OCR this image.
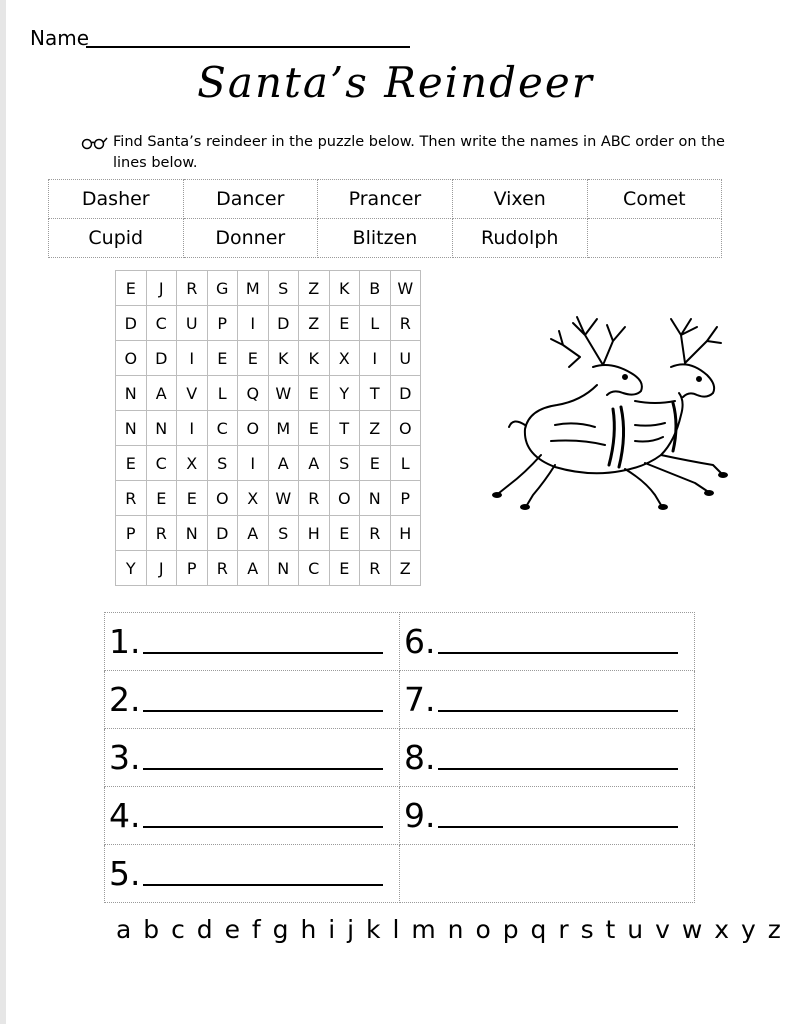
Name
Santa’s Reindeer
Find Santa’s reindeer in the puzzle below. Then write the names in ABC order on the lines below.
Dasher	Dancer	Prancer	Vixen	Comet
Cupid	Donner	Blitzen	Rudolph	
E	J	R	G	M	S	Z	K	B	W
D	C	U	P	I	D	Z	E	L	R
O	D	I	E	E	K	K	X	I	U
N	A	V	L	Q	W	E	Y	T	D
N	N	I	C	O	M	E	T	Z	O
E	C	X	S	I	A	A	S	E	L
R	E	E	O	X	W	R	O	N	P
P	R	N	D	A	S	H	E	R	H
Y	J	P	R	A	N	C	E	R	Z
1.	6.

2.	7.

3.	8.

4.	9.

5.	

a b c d e f g h i j k l m n o p q r s t u v w x y z
